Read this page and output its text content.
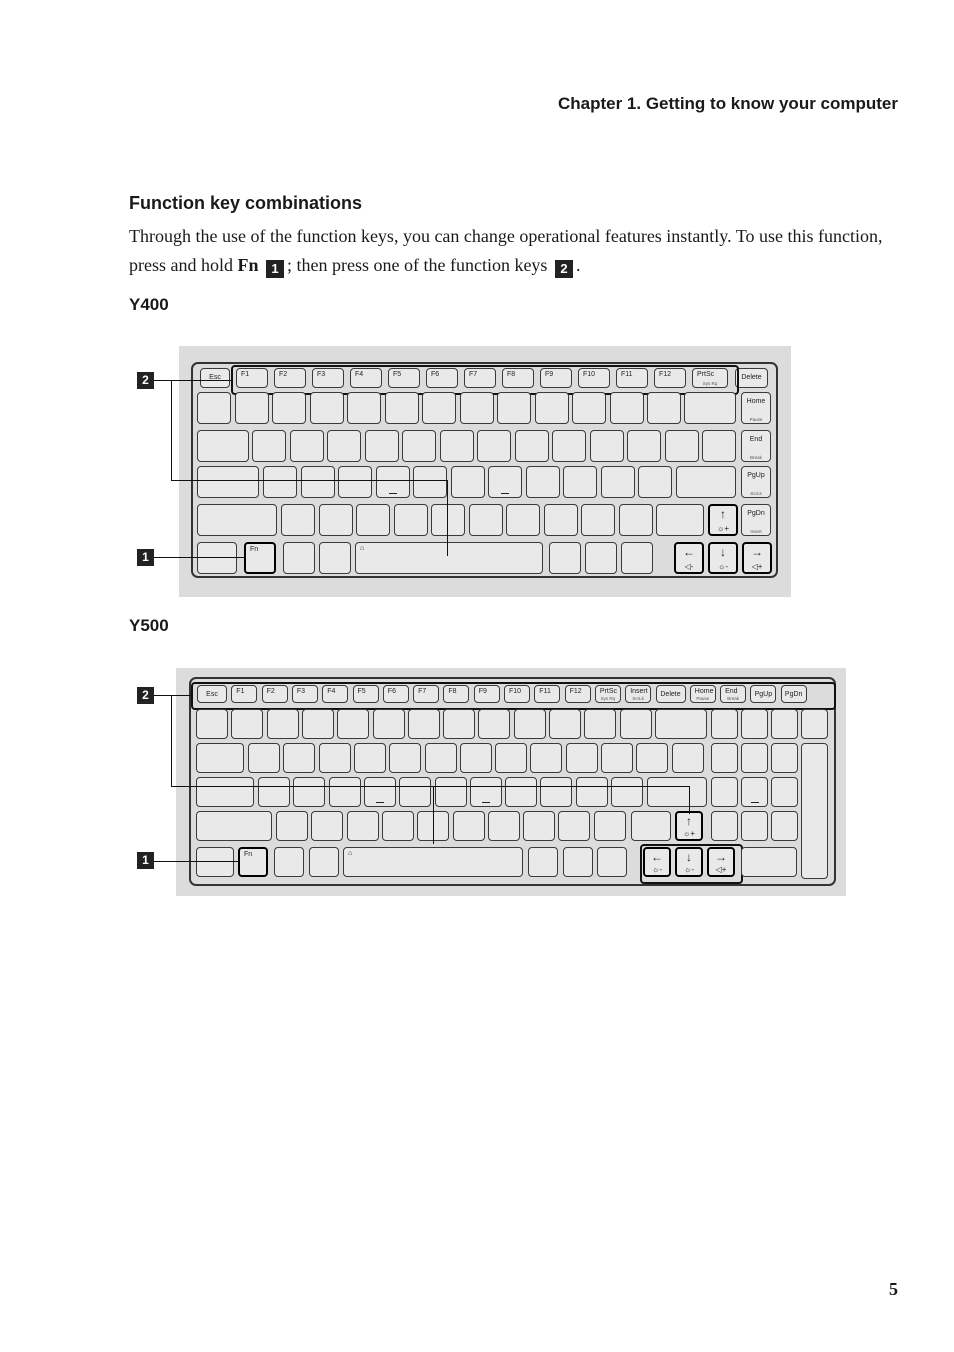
Chapter 1. Getting to know your computer
Function key combinations
Through the use of the function keys, you can change operational features instantly. To use this function, press and hold Fn 1 ; then press one of the function keys 2 .
Y400
Y500
Esc	F1	F2	F3	F4	F5	F6	F7	F8	F9	F10	F11	F12	PrtSc
Sys Rq
Delete
↑
☼+
Fn	⌂	←
◁-
↓
☼-
→
◁+
Home
Pause
End
Break
PgUp
ScrLk
PgDn
Insert
2
1
Esc	F1	F2	F3	F4	F5	F6	F7	F8	F9	F10	F11	F12	PrtSc
Sys Rq
Insert
ScrLk
Delete	Home
Pause
End
Break
PgUp	PgDn
↑
☼+
Fn	⌂	←
☼-
↓
☼-
→
◁+
2
1
5
